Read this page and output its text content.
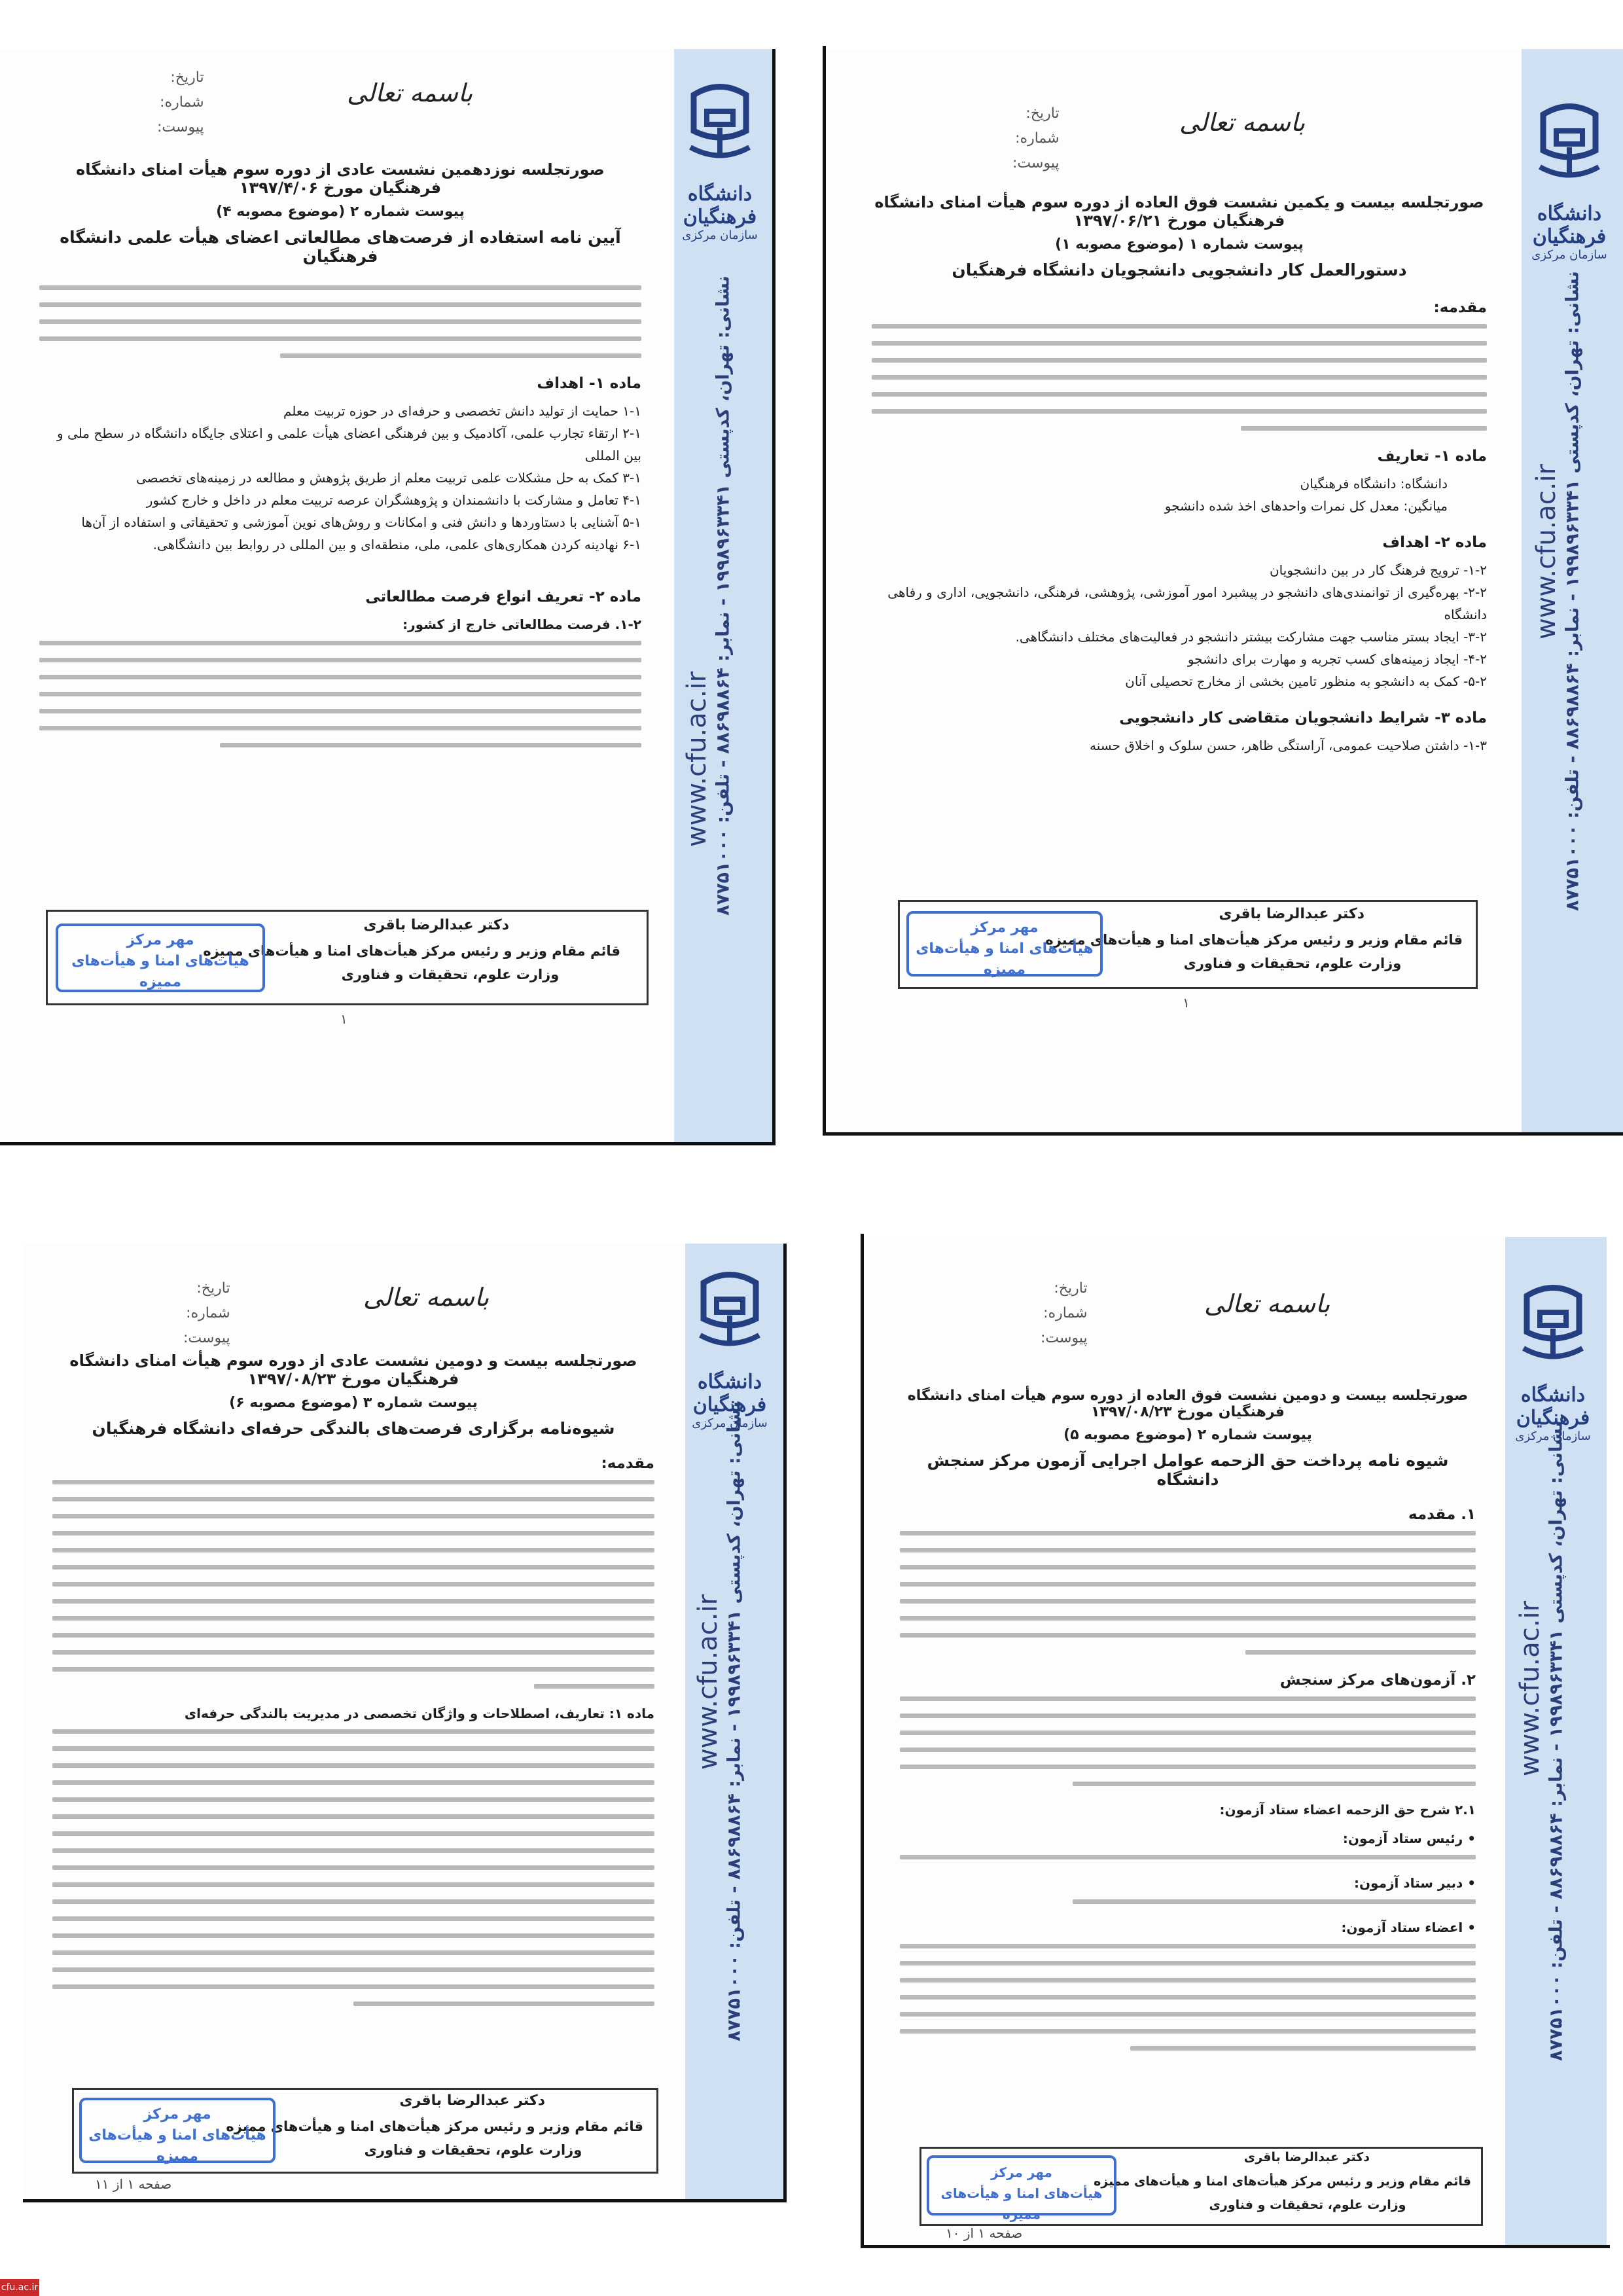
نشانی: تهران، کدپستی ۱۹۹۸۹۶۳۳۴۱ - نمابر: ۸۸۶۹۸۸۶۴ - تلفن: ۸۷۷۵۱۰۰۰
www.cfu.ac.ir
دانشگاه فرهنگیان
سازمان مرکزی
تاریخ:
شماره:
پیوست:
باسمه تعالی
صورتجلسه نوزدهمین نشست عادی از دوره سوم هیأت امنای دانشگاه فرهنگیان مورخ ۱۳۹۷/۴/۰۶
پیوست شماره ۲ (موضوع مصوبه ۴)
آیین نامه استفاده از فرصت‌های مطالعاتی اعضای هیأت علمی دانشگاه فرهنگیان
ماده ۱- اهداف
۱-۱ حمایت از تولید دانش تخصصی و حرفه‌ای در حوزه تربیت معلم
۲-۱ ارتقاء تجارب علمی، آکادمیک و بین فرهنگی اعضای هیأت علمی و اعتلای جایگاه دانشگاه در سطح ملی و بین المللی
۳-۱ کمک به حل مشکلات علمی تربیت معلم از طریق پژوهش و مطالعه در زمینه‌های تخصصی
۴-۱ تعامل و مشارکت با دانشمندان و پژوهشگران عرصه تربیت معلم در داخل و خارج کشور
۵-۱ آشنایی با دستاوردها و دانش فنی و امکانات و روش‌های نوین آموزشی و تحقیقاتی و استفاده از آن‌ها
۶-۱ نهادینه کردن همکاری‌های علمی، ملی، منطقه‌ای و بین المللی در روابط بین دانشگاهی.
ماده ۲- تعریف انواع فرصت مطالعاتی
۱-۲. فرصت مطالعاتی خارج از کشور:
دکتر عبدالرضا باقری
قائم مقام وزیر و رئیس مرکز هیأت‌های امنا و هیأت‌های ممیزه
وزارت علوم، تحقیقات و فناوری
مهر مرکز
هیأت‌های امنا و هیأت‌های ممیزه
۱
نشانی: تهران، کدپستی ۱۹۹۸۹۶۳۳۴۱ - نمابر: ۸۸۶۹۸۸۶۴ - تلفن: ۸۷۷۵۱۰۰۰
www.cfu.ac.ir
دانشگاه فرهنگیان
سازمان مرکزی
تاریخ:
شماره:
پیوست:
باسمه تعالی
صورتجلسه بیست و یکمین نشست فوق العاده از دوره سوم هیأت امنای دانشگاه فرهنگیان مورخ ۱۳۹۷/۰۶/۲۱
پیوست شماره ۱ (موضوع مصوبه ۱)
دستورالعمل کار دانشجویی دانشجویان دانشگاه فرهنگیان
مقدمه:
ماده ۱- تعاریف
دانشگاه: دانشگاه فرهنگیان
میانگین: معدل کل نمرات واحدهای اخذ شده دانشجو
ماده ۲- اهداف
۱-۲- ترویج فرهنگ کار در بین دانشجویان
۲-۲- بهره‌گیری از توانمندی‌های دانشجو در پیشبرد امور آموزشی، پژوهشی، فرهنگی، دانشجویی، اداری و رفاهی دانشگاه
۳-۲- ایجاد بستر مناسب جهت مشارکت بیشتر دانشجو در فعالیت‌های مختلف دانشگاهی.
۴-۲- ایجاد زمینه‌های کسب تجربه و مهارت برای دانشجو
۵-۲- کمک به دانشجو به منظور تامین بخشی از مخارج تحصیلی آنان
ماده ۳- شرایط دانشجویان متقاضی کار دانشجویی
۱-۳- داشتن صلاحیت عمومی، آراستگی ظاهر، حسن سلوک و اخلاق حسنه
دکتر عبدالرضا باقری
قائم مقام وزیر و رئیس مرکز هیأت‌های امنا و هیأت‌های ممیزه
وزارت علوم، تحقیقات و فناوری
مهر مرکز
هیأت‌های امنا و هیأت‌های ممیزه
۱
نشانی: تهران، کدپستی ۱۹۹۸۹۶۳۳۴۱ - نمابر: ۸۸۶۹۸۸۶۴ - تلفن: ۸۷۷۵۱۰۰۰
www.cfu.ac.ir
دانشگاه فرهنگیان
سازمان مرکزی
تاریخ:
شماره:
پیوست:
باسمه تعالی
صورتجلسه بیست و دومین نشست عادی از دوره سوم هیأت امنای دانشگاه فرهنگیان مورخ ۱۳۹۷/۰۸/۲۳
پیوست شماره ۳ (موضوع مصوبه ۶)
شیوه‌نامه برگزاری فرصت‌های بالندگی حرفه‌ای دانشگاه فرهنگیان
مقدمه:
ماده ۱: تعاریف، اصطلاحات و واژگان تخصصی در مدیریت بالندگی حرفه‌ای
دکتر عبدالرضا باقری
قائم مقام وزیر و رئیس مرکز هیأت‌های امنا و هیأت‌های ممیزه
وزارت علوم، تحقیقات و فناوری
مهر مرکز
هیأت‌های امنا و هیأت‌های ممیزه
صفحه ۱ از ۱۱
نشانی: تهران، کدپستی ۱۹۹۸۹۶۳۳۴۱ - نمابر: ۸۸۶۹۸۸۶۴ - تلفن: ۸۷۷۵۱۰۰۰
www.cfu.ac.ir
دانشگاه فرهنگیان
سازمان مرکزی
تاریخ:
شماره:
پیوست:
باسمه تعالی
صورتجلسه بیست و دومین نشست فوق العاده از دوره سوم هیأت امنای دانشگاه فرهنگیان مورخ ۱۳۹۷/۰۸/۲۳
پیوست شماره ۲ (موضوع مصوبه ۵)
شیوه نامه پرداخت حق الزحمه عوامل اجرایی آزمون مرکز سنجش دانشگاه
۱. مقدمه
۲. آزمون‌های مرکز سنجش
۲.۱ شرح حق الزحمه اعضاء ستاد آزمون:
• رئیس ستاد آزمون:
• دبیر ستاد آزمون:
• اعضاء ستاد آزمون:
دکتر عبدالرضا باقری
قائم مقام وزیر و رئیس مرکز هیأت‌های امنا و هیأت‌های ممیزه
وزارت علوم، تحقیقات و فناوری
مهر مرکز
هیأت‌های امنا و هیأت‌های ممیزه
صفحه ۱ از ۱۰
cfu.ac.ir
